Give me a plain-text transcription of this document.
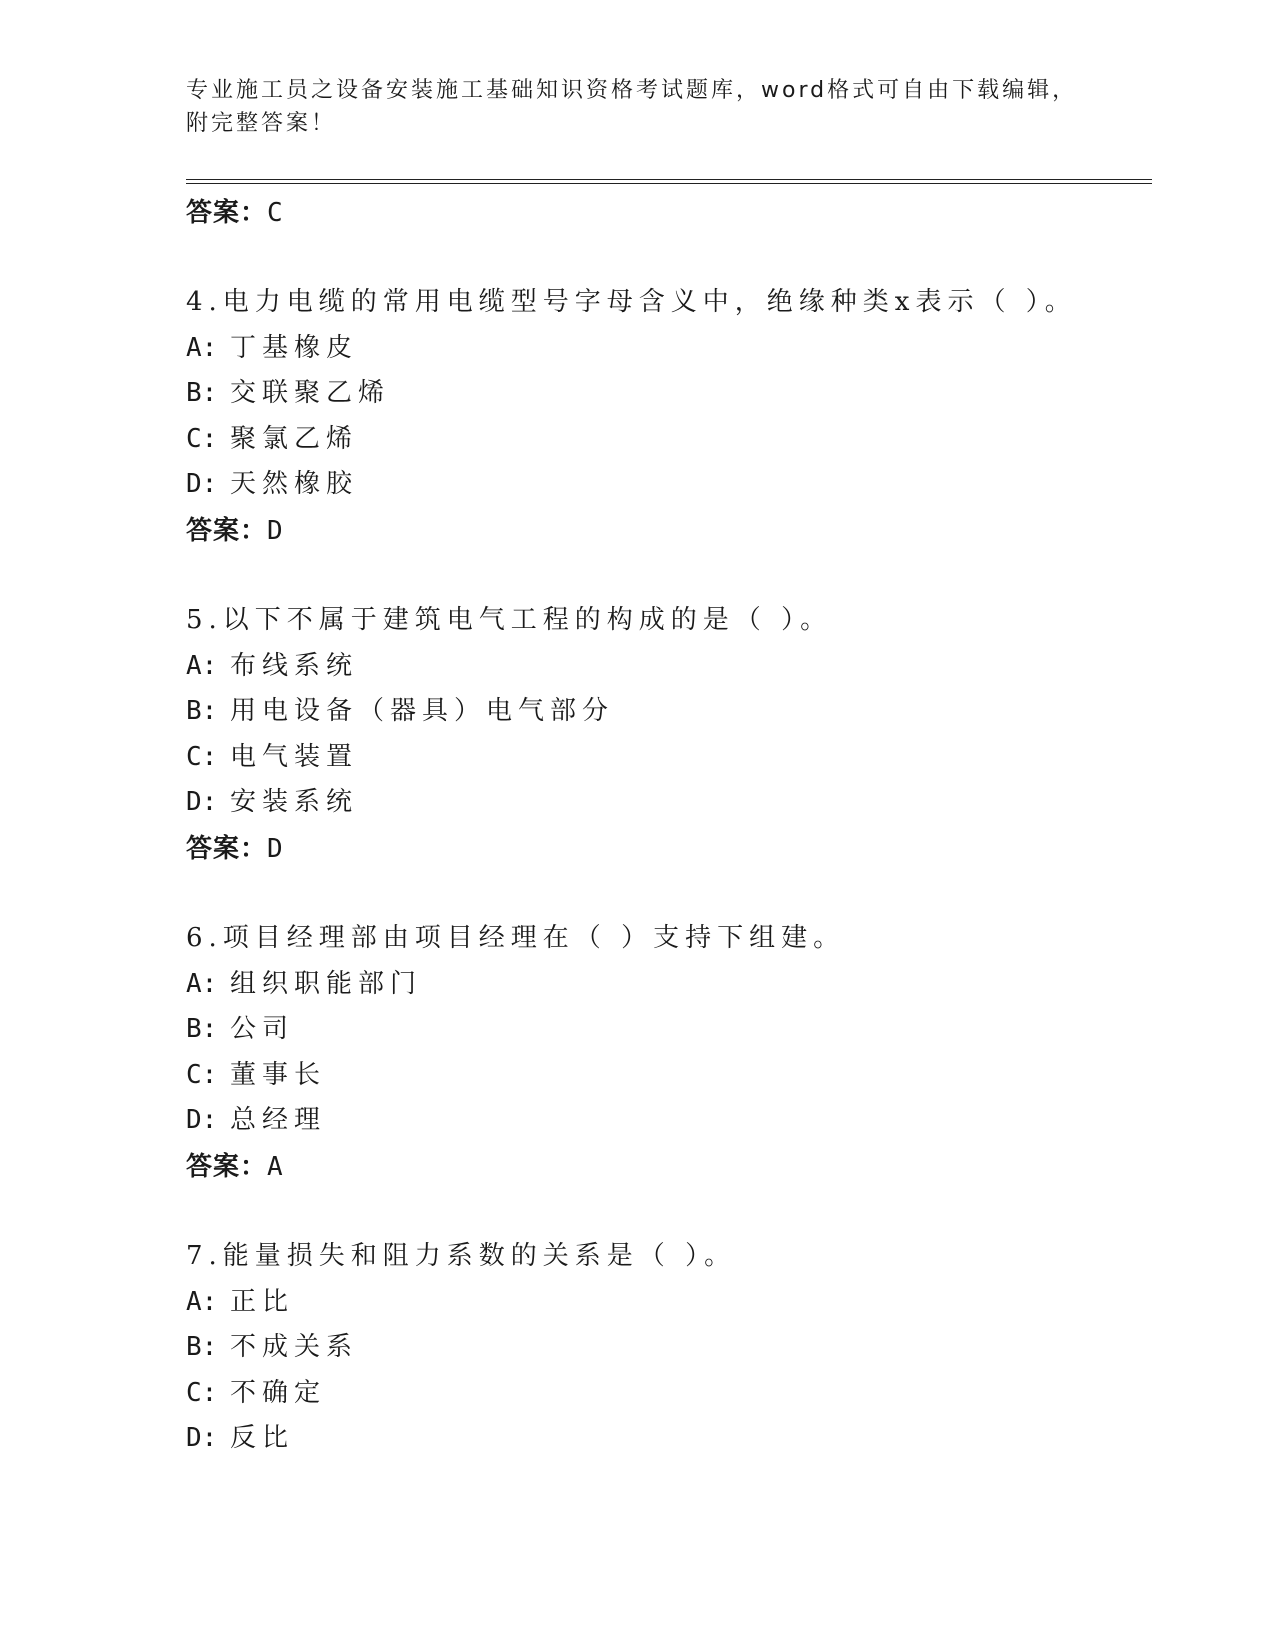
专业施工员之设备安装施工基础知识资格考试题库，word格式可自由下载编辑，
附完整答案！
答案：C
4.电力电缆的常用电缆型号字母含义中，绝缘种类x表示（ ）。
A: 丁基橡皮
B: 交联聚乙烯
C: 聚氯乙烯
D: 天然橡胶
答案：D
5.以下不属于建筑电气工程的构成的是（ ）。
A: 布线系统
B: 用电设备（器具）电气部分
C: 电气装置
D: 安装系统
答案：D
6.项目经理部由项目经理在（ ）支持下组建。
A: 组织职能部门
B: 公司
C: 董事长
D: 总经理
答案：A
7.能量损失和阻力系数的关系是（ ）。
A: 正比
B: 不成关系
C: 不确定
D: 反比
